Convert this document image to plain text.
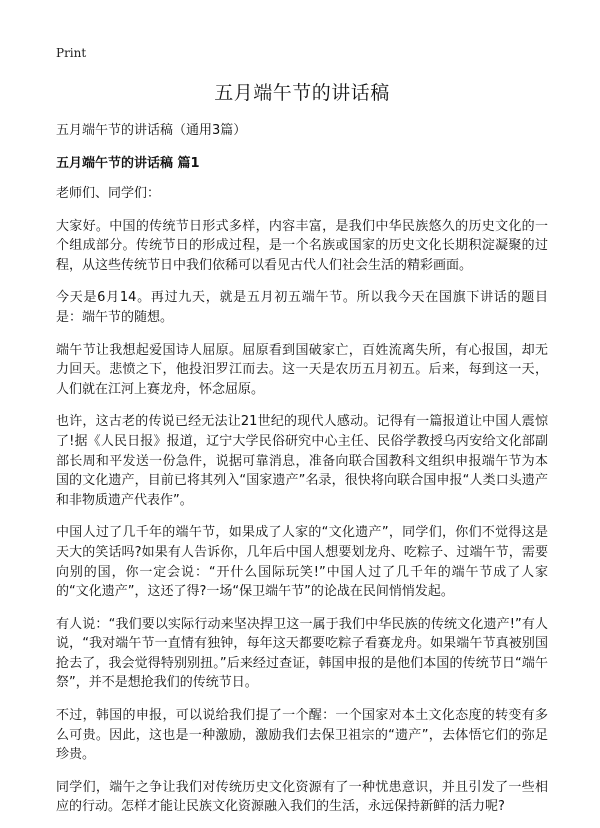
Print
五月端午节的讲话稿
五月端午节的讲话稿（通用3篇）
五月端午节的讲话稿 篇1

老师们、同学们：

大家好。中国的传统节日形式多样，内容丰富，是我们中华民族悠久的历史文化的一个组成部分。传统节日的形成过程，是一个名族或国家的历史文化长期积淀凝聚的过程，从这些传统节日中我们依稀可以看见古代人们社会生活的精彩画面。

今天是6月14。再过九天，就是五月初五端午节。所以我今天在国旗下讲话的题目是：端午节的随想。

端午节让我想起爱国诗人屈原。屈原看到国破家亡，百姓流离失所，有心报国，却无力回天。悲愤之下，他投汨罗江而去。这一天是农历五月初五。后来，每到这一天，人们就在江河上赛龙舟，怀念屈原。

也许，这古老的传说已经无法让21世纪的现代人感动。记得有一篇报道让中国人震惊了!据《人民日报》报道，辽宁大学民俗研究中心主任、民俗学教授乌丙安给文化部副部长周和平发送一份急件，说据可靠消息，准备向联合国教科文组织申报端午节为本国的文化遗产，目前已将其列入“国家遗产”名录，很快将向联合国申报“人类口头遗产和非物质遗产代表作”。

中国人过了几千年的端午节，如果成了人家的“文化遗产”，同学们，你们不觉得这是天大的笑话吗?如果有人告诉你，几年后中国人想要划龙舟、吃粽子、过端午节，需要向别的国，你一定会说：“开什么国际玩笑!”中国人过了几千年的端午节成了人家的“文化遗产”，这还了得?一场“保卫端午节”的论战在民间悄悄发起。

有人说：“我们要以实际行动来坚决捍卫这一属于我们中华民族的传统文化遗产!”有人说，“我对端午节一直情有独钟，每年这天都要吃粽子看赛龙舟。如果端午节真被别国抢去了，我会觉得特别别扭。”后来经过查证，韩国申报的是他们本国的传统节日“端午祭”，并不是想抢我们的传统节日。

不过，韩国的申报，可以说给我们提了一个醒：一个国家对本土文化态度的转变有多么可贵。因此，这也是一种激励，激励我们去保卫祖宗的“遗产”，去体悟它们的弥足珍贵。

同学们，端午之争让我们对传统历史文化资源有了一种忧患意识，并且引发了一些相应的行动。怎样才能让民族文化资源融入我们的生活，永远保持新鲜的活力呢?
